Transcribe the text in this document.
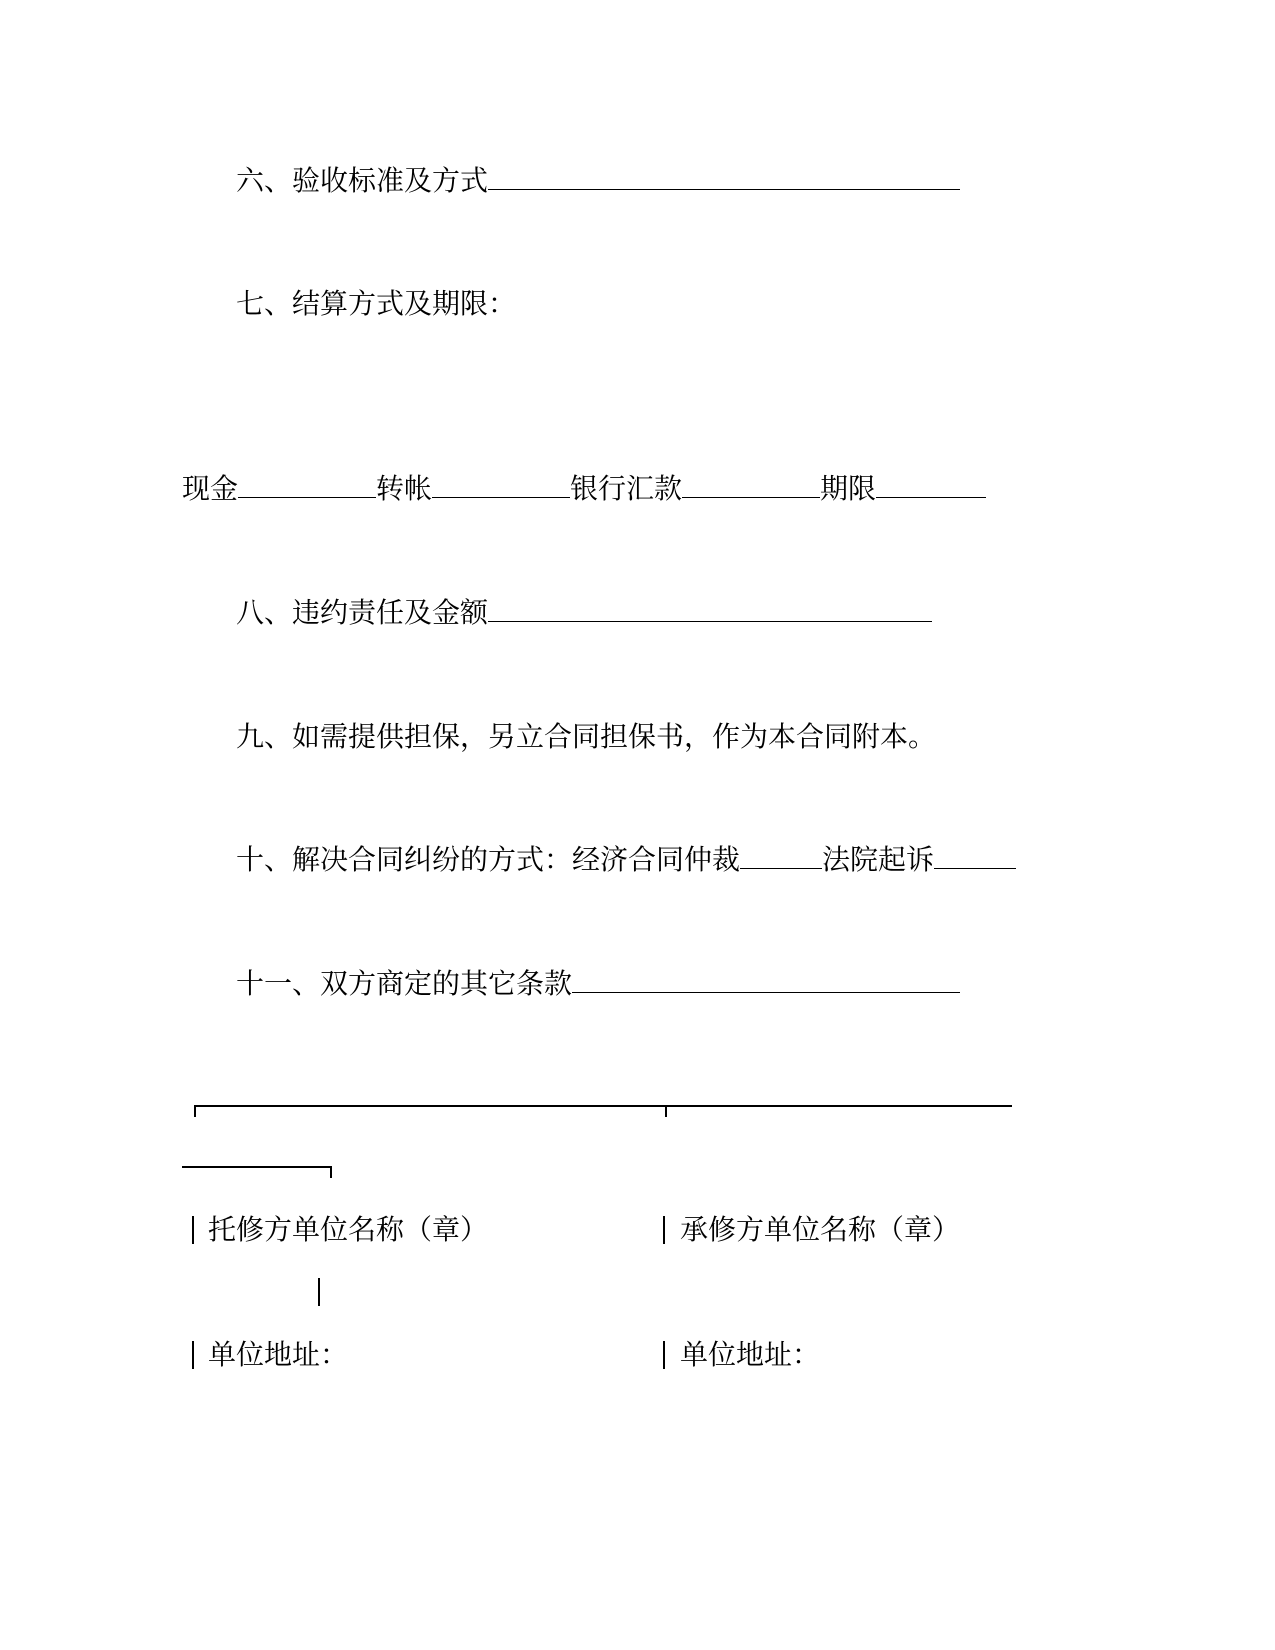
六、验收标准及方式
七、结算方式及期限：
现金	转帐	银行汇款	期限
八、违约责任及金额
九、如需提供担保，另立合同担保书，作为本合同附本。
十、解决合同纠纷的方式：经济合同仲裁	法院起诉
十一、双方商定的其它条款
托修方单位名称（章）	承修方单位名称（章）
单位地址：	单位地址：
